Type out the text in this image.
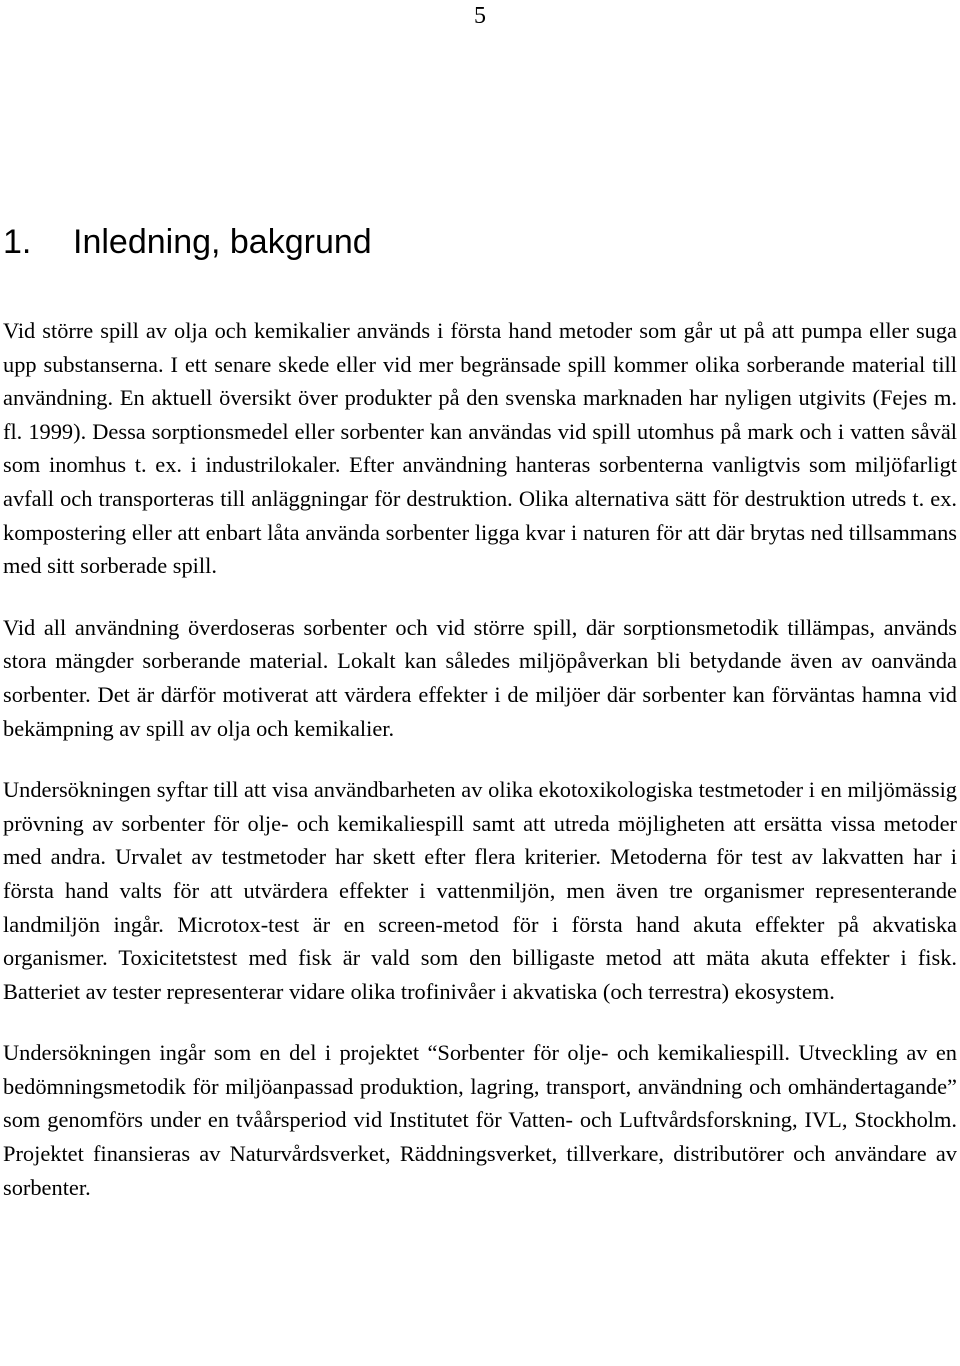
5
1. Inledning, bakgrund

Vid större spill av olja och kemikalier används i första hand metoder som går ut på att pumpa eller suga upp substanserna. I ett senare skede eller vid mer begränsade spill kommer olika sorberande material till användning. En aktuell översikt över produkter på den svenska marknaden har nyligen utgivits (Fejes m. fl. 1999). Dessa sorptionsmedel eller sorbenter kan användas vid spill utomhus på mark och i vatten såväl som inomhus t. ex. i industrilokaler. Efter användning hanteras sorbenterna vanligtvis som miljöfarligt avfall och transporteras till anläggningar för destruktion. Olika alternativa sätt för destruktion utreds t. ex. kompostering eller att enbart låta använda sorbenter ligga kvar i naturen för att där brytas ned tillsammans med sitt sorberade spill.

Vid all användning överdoseras sorbenter och vid större spill, där sorptionsmetodik tillämpas, används stora mängder sorberande material. Lokalt kan således miljöpåverkan bli betydande även av oanvända sorbenter. Det är därför motiverat att värdera effekter i de miljöer där sorbenter kan förväntas hamna vid bekämpning av spill av olja och kemikalier.

Undersökningen syftar till att visa användbarheten av olika ekotoxikologiska testmetoder i en miljömässig prövning av sorbenter för olje- och kemikaliespill samt att utreda möjligheten att ersätta vissa metoder med andra. Urvalet av testmetoder har skett efter flera kriterier. Metoderna för test av lakvatten har i första hand valts för att utvärdera effekter i vattenmiljön, men även tre organismer representerande landmiljön ingår. Microtox-test är en screen-metod för i första hand akuta effekter på akvatiska organismer. Toxicitetstest med fisk är vald som den billigaste metod att mäta akuta effekter i fisk. Batteriet av tester representerar vidare olika trofinivåer i akvatiska (och terrestra) ekosystem.

Undersökningen ingår som en del i projektet “Sorbenter för olje- och kemikaliespill. Utveckling av en bedömningsmetodik för miljöanpassad produktion, lagring, transport, användning och omhändertagande” som genomförs under en tvåårsperiod vid Institutet för Vatten- och Luftvårdsforskning, IVL, Stockholm. Projektet finansieras av Naturvårdsverket, Räddningsverket, tillverkare, distributörer och användare av sorbenter.
